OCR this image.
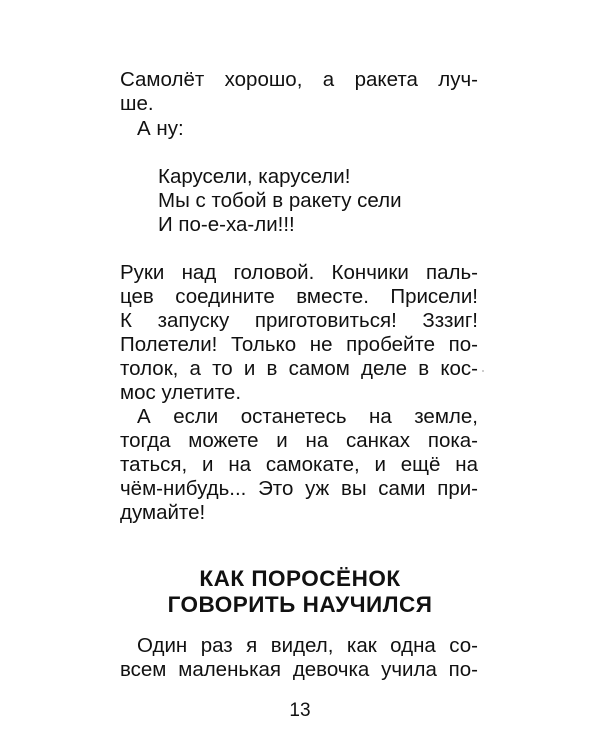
Самолёт хорошо, а ракета луч-
ше.
А ну:
Карусели, карусели!
Мы с тобой в ракету сели
И по-е-ха-ли!!!
Руки над головой. Кончики паль-
цев соедините вместе. Присели!
К запуску приготовиться! Зззиг!
Полетели! Только не пробейте по-
толок, а то и в самом деле в кос-
мос улетите.
А если останетесь на земле,
тогда можете и на санках пока-
таться, и на самокате, и ещё на
чём-нибудь... Это уж вы сами при-
думайте!
КАК ПОРОСЁНОК
ГОВОРИТЬ НАУЧИЛСЯ
Один раз я видел, как одна со-
всем маленькая девочка учила по-
13
